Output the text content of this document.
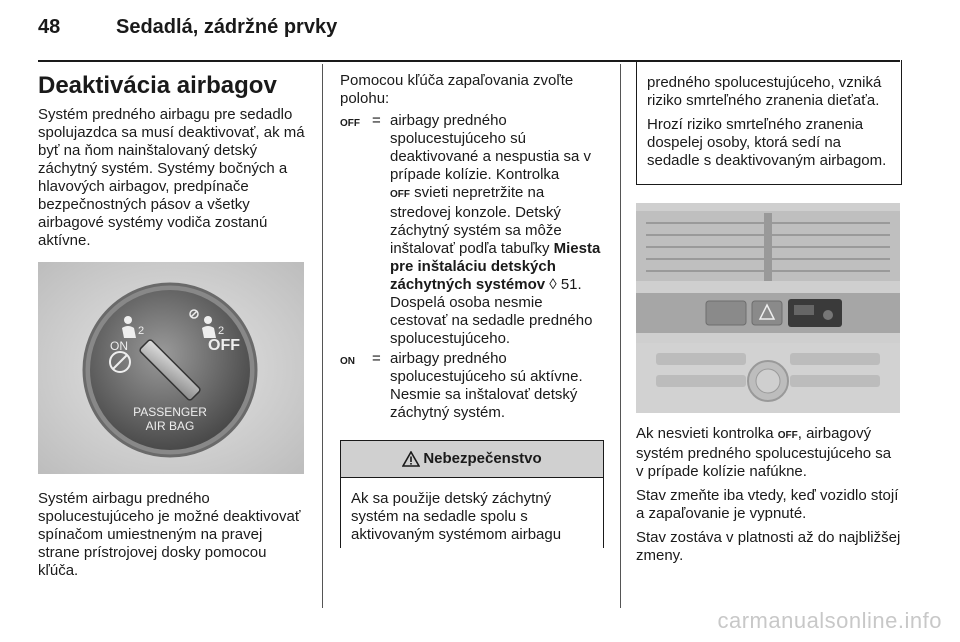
48	Sedadlá, zádržné prvky
Deaktivácia airbagov

Systém predného airbagu pre sedadlo spolujazdca sa musí deaktivovať, ak má byť na ňom nainštalovaný detský záchytný systém. Systémy bočných a hlavových airbagov, predpínače bezpečnostných pásov a všetky airbagové systémy vodiča zostanú aktívne.

2	2
ON	OFF
PASSENGER
AIR BAG

Systém airbagu predného spolucestujúceho je možné deaktivovať spínačom umiestneným na pravej strane prístrojovej dosky pomocou kľúča.

Pomocou kľúča zapaľovania zvoľte polohu:

OFF = airbagy predného spolucestujúceho sú deaktivované a nespustia sa v prípade kolízie. Kontrolka
OFF svieti nepretržite na stredovej konzole. Detský záchytný systém sa môže inštalovať podľa tabuľky Miesta pre inštaláciu detských záchytných systémov ◊ 51. Dospelá osoba nesmie cestovať na sedadle predného spolucestujúceho.
ON	= airbagy predného spolucestujúceho sú aktívne. Nesmie sa inštalovať detský záchytný systém.
Nebezpečenstvo
Ak sa použije detský záchytný systém na sedadle spolu s aktivovaným systémom airbagu

predného spolucestujúceho, vzniká riziko smrteľného zranenia dieťaťa.

Hrozí riziko smrteľného zranenia dospelej osoby, ktorá sedí na sedadle s deaktivovaným airbagom.

Ak nesvieti kontrolka OFF, airbagový systém predného spolucestujúceho sa v prípade kolízie nafúkne.

Stav zmeňte iba vtedy, keď vozidlo stojí a zapaľovanie je vypnuté.

Stav zostáva v platnosti až do najbližšej zmeny.

carmanualsonline.info
